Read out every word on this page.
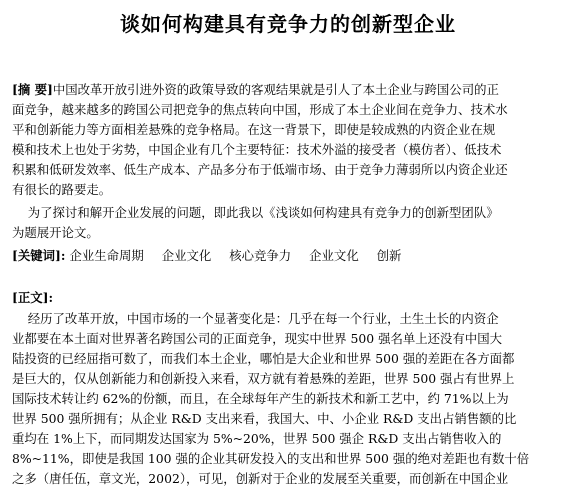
谈如何构建具有竞争力的创新型企业
[摘 要]中国改革开放引进外资的政策导致的客观结果就是引人了本土企业与跨国公司的正
面竞争，越来越多的跨国公司把竞争的焦点转向中国，形成了本土企业间在竞争力、技术水
平和创新能力等方面相差悬殊的竞争格局。在这一背景下，即使是较成熟的内资企业在规
模和技术上也处于劣势，中国企业有几个主要特征：技术外溢的接受者（模仿者）、低技术
积累和低研发效率、低生产成本、产品多分布于低端市场、由于竞争力薄弱所以内资企业还
有很长的路要走。
为了探讨和解开企业发展的问题，即此我以《浅谈如何构建具有竞争力的创新型团队》
为题展开论文。
[关键词]: 企业生命周期 企业文化 核心竞争力 企业文化 创新
[正文]:
经历了改革开放，中国市场的一个显著变化是：几乎在每一个行业，土生土长的内资企
业都要在本土面对世界著名跨国公司的正面竞争，现实中世界 500 强名单上还没有中国大
陆投资的已经屈指可数了，而我们本土企业，哪怕是大企业和世界 500 强的差距在各方面都
是巨大的，仅从创新能力和创新投入来看，双方就有着悬殊的差距，世界 500 强占有世界上
国际技术转让约 62%的份额，而且，在全球每年产生的新技术和新工艺中，约 71%以上为
世界 500 强所拥有；从企业 R&D 支出来看，我国大、中、小企业 R&D 支出占销售额的比
重均在 1%上下，而同期发达国家为 5%~20%，世界 500 强企 R&D 支出占销售收入的
8%~11%，即使是我国 100 强的企业其研发投入的支出和世界 500 强的绝对差距也有数十倍
之多（唐任伍，章文光，2002），可见，创新对于企业的发展至关重要，而创新在中国企业
